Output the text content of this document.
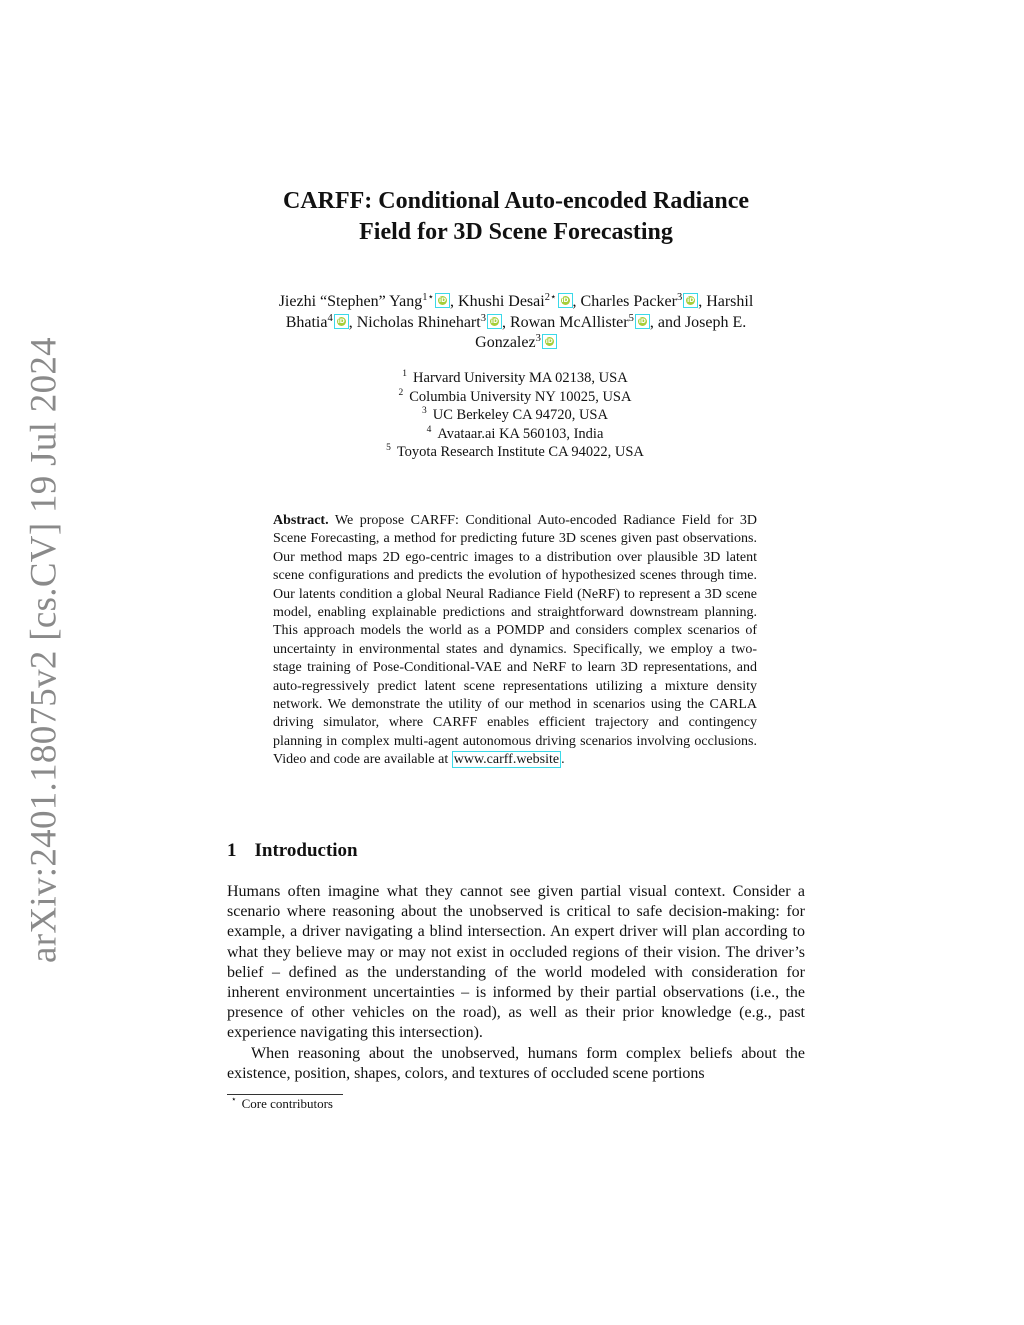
arXiv:2401.18075v2 [cs.CV] 19 Jul 2024
CARFF: Conditional Auto-encoded Radiance
Field for 3D Scene Forecasting
Jiezhi “Stephen” Yang$^{1⋆}$ iD , Khushi Desai$^{2⋆}$ iD , Charles Packer$^3$ iD , Harshil
Bhatia$^4$ iD , Nicholas Rhinehart$^3$ iD , Rowan McAllister$^5$ iD , and Joseph E.
Gonzalez$^3$ iD
$^1$ Harvard University MA 02138, USA
$^2$ Columbia University NY 10025, USA
$^3$ UC Berkeley CA 94720, USA
$^4$ Avataar.ai KA 560103, India
$^5$ Toyota Research Institute CA 94022, USA
Abstract. We propose CARFF: Conditional Auto-encoded Radiance Field for 3D Scene Forecasting, a method for predicting future 3D scenes given past observations. Our method maps 2D ego-centric images to a distribution over plausible 3D latent scene configurations and predicts the evolution of hypothesized scenes through time. Our latents condition a global Neural Radiance Field (NeRF) to represent a 3D scene model, enabling explainable predictions and straightforward downstream planning. This approach models the world as a POMDP and considers complex scenarios of uncertainty in environmental states and dynamics. Specifically, we employ a two-stage training of Pose-Conditional-VAE and NeRF to learn 3D representations, and auto-regressively predict latent scene representations utilizing a mixture density network. We demonstrate the utility of our method in scenarios using the CARLA driving simulator, where CARFF enables efficient trajectory and contingency planning in complex multi-agent autonomous driving scenarios involving occlusions. Video and code are available at www.carff.website .
1 Introduction

Humans often imagine what they cannot see given partial visual context. Consider a scenario where reasoning about the unobserved is critical to safe decision-making: for example, a driver navigating a blind intersection. An expert driver will plan according to what they believe may or may not exist in occluded regions of their vision. The driver’s belief – defined as the understanding of the world modeled with consideration for inherent environment uncertainties – is informed by their partial observations (i.e., the presence of other vehicles on the road), as well as their prior knowledge (e.g., past experience navigating this intersection).

When reasoning about the unobserved, humans form complex beliefs about the existence, position, shapes, colors, and textures of occluded scene portions

⋆ Core contributors
